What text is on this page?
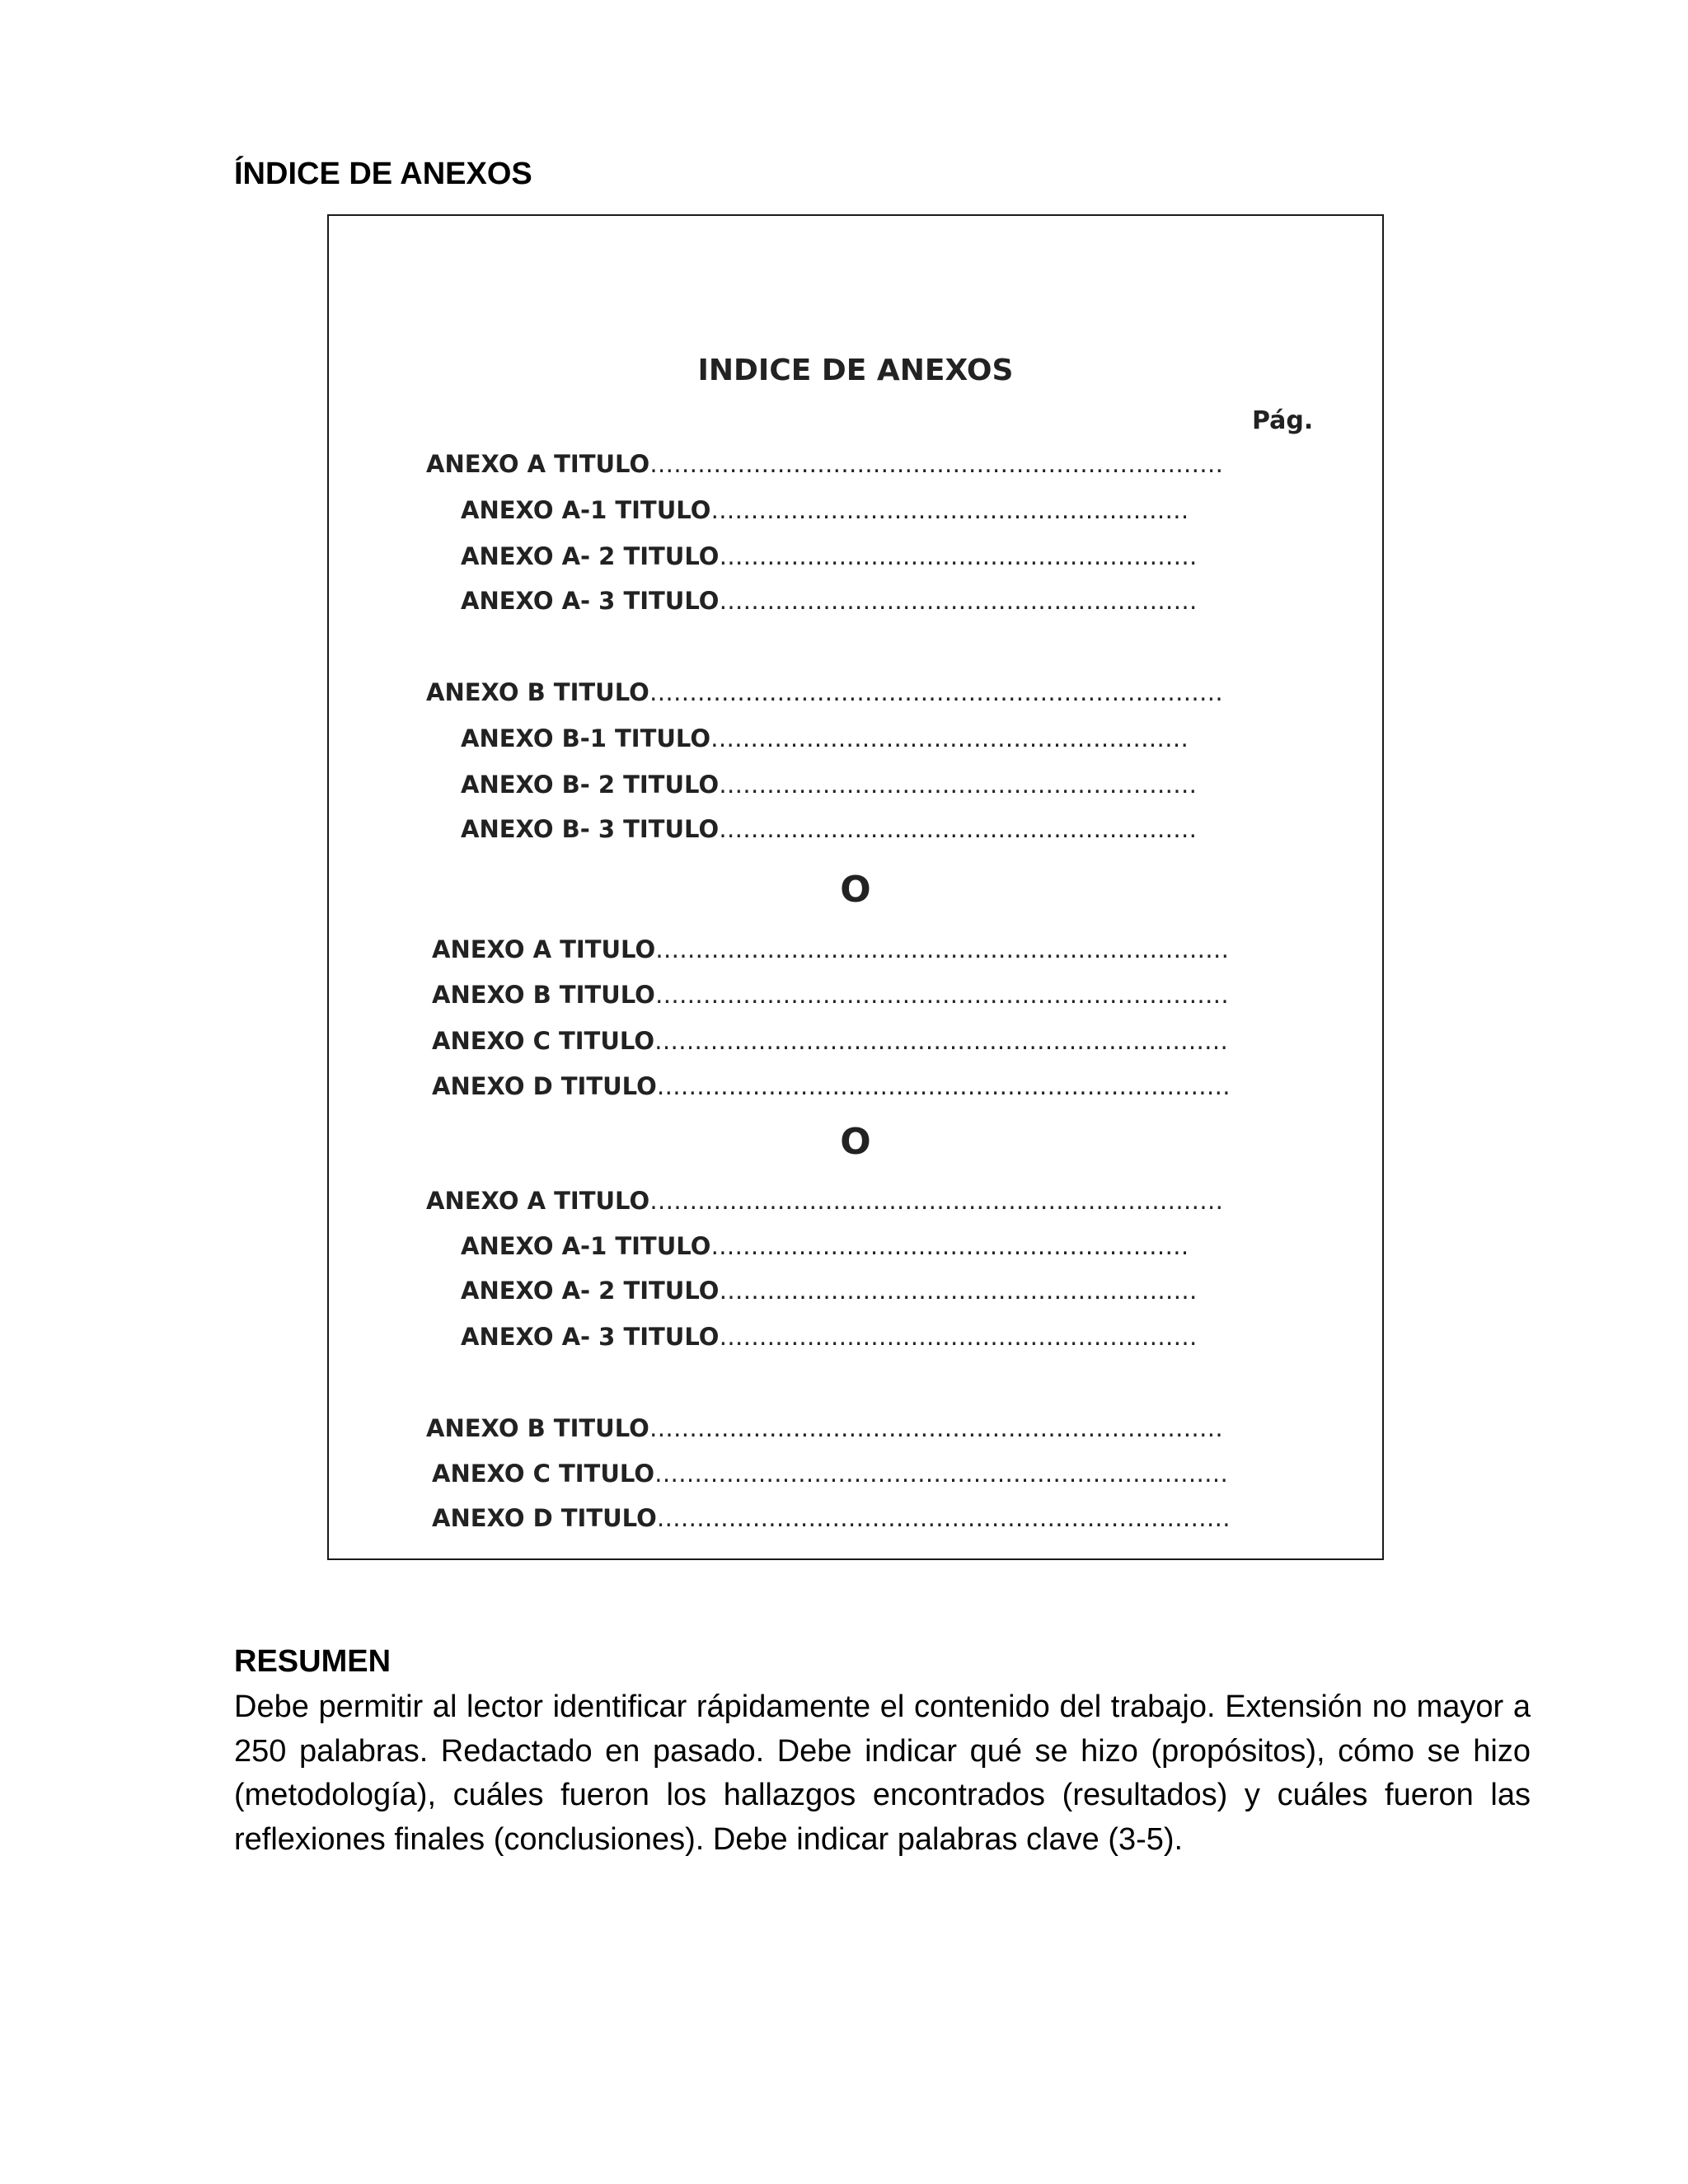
ÍNDICE DE ANEXOS
INDICE DE ANEXOS
Pág.
ANEXO A TITULO………………………………………………………………
ANEXO A-1 TITULO……………………………………………………
ANEXO A- 2 TITULO……………………………………………………
ANEXO A- 3 TITULO……………………………………………………
ANEXO B TITULO………………………………………………………………
ANEXO B-1 TITULO……………………………………………………
ANEXO B- 2 TITULO……………………………………………………
ANEXO B- 3 TITULO……………………………………………………
O
ANEXO A TITULO………………………………………………………………
ANEXO B TITULO………………………………………………………………
ANEXO C TITULO………………………………………………………………
ANEXO D TITULO………………………………………………………………
O
ANEXO A TITULO………………………………………………………………
ANEXO A-1 TITULO……………………………………………………
ANEXO A- 2 TITULO……………………………………………………
ANEXO A- 3 TITULO……………………………………………………
ANEXO B TITULO………………………………………………………………
ANEXO C TITULO………………………………………………………………
ANEXO D TITULO………………………………………………………………
RESUMEN

Debe permitir al lector identificar rápidamente el contenido del trabajo. Extensión no mayor a 250 palabras. Redactado en pasado. Debe indicar qué se hizo (propósitos), cómo se hizo (metodología), cuáles fueron los hallazgos encontrados (resultados) y cuáles fueron las reflexiones finales (conclusiones). Debe indicar palabras clave (3-5).
